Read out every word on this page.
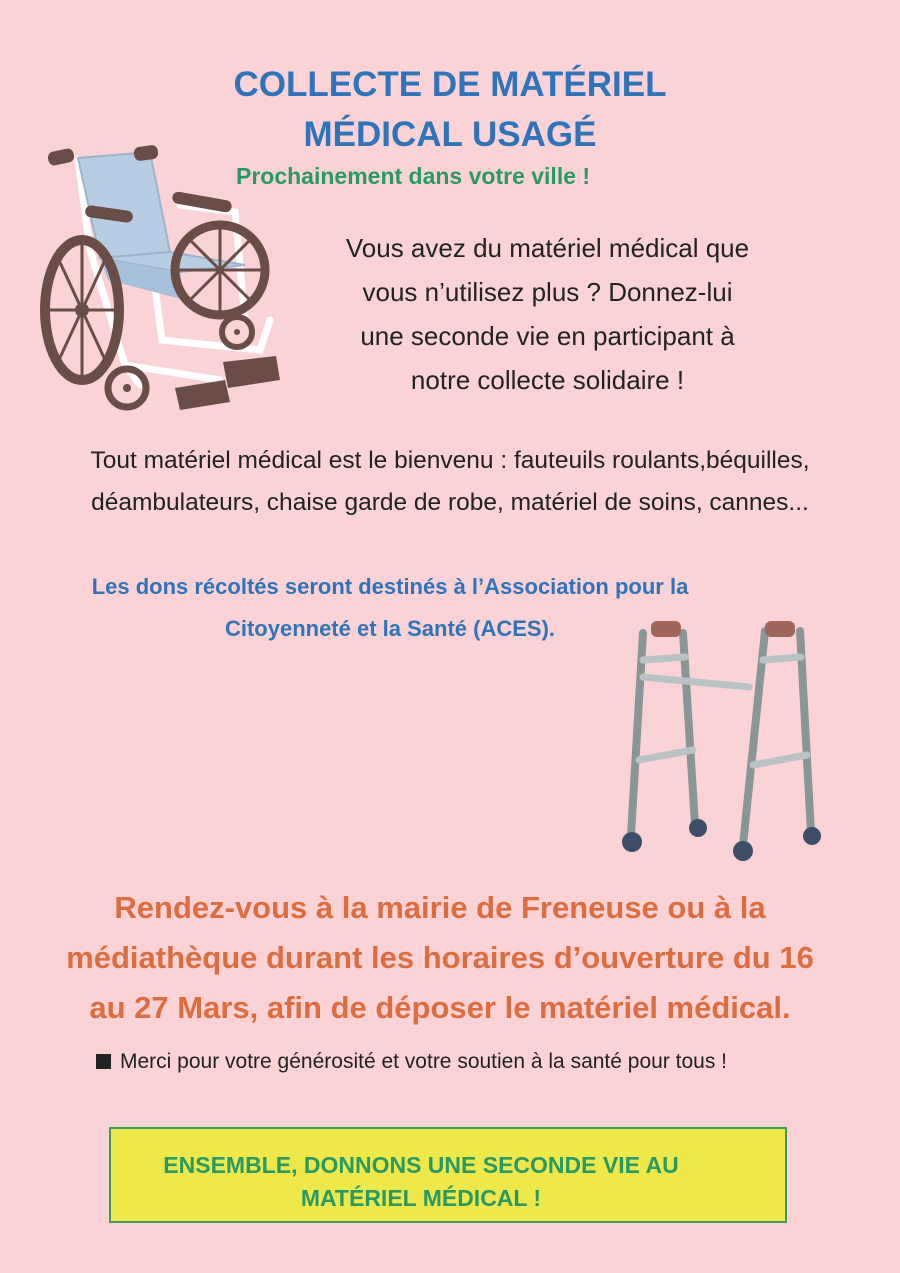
COLLECTE DE MATÉRIEL
MÉDICAL USAGÉ
Prochainement dans votre ville !
Vous avez du matériel médical que
vous n’utilisez plus ? Donnez-lui
une seconde vie en participant à
notre collecte solidaire !
Tout matériel médical est le bienvenu : fauteuils roulants,béquilles,
déambulateurs, chaise garde de robe, matériel de soins, cannes...
Les dons récoltés seront destinés à l’Association pour la
Citoyenneté et la Santé (ACES).
Rendez-vous à la mairie de Freneuse ou à la
médiathèque durant les horaires d’ouverture du 16
au 27 Mars, afin de déposer le matériel médical.
Merci pour votre générosité et votre soutien à la santé pour tous !
ENSEMBLE, DONNONS UNE SECONDE VIE AU
MATÉRIEL MÉDICAL !
